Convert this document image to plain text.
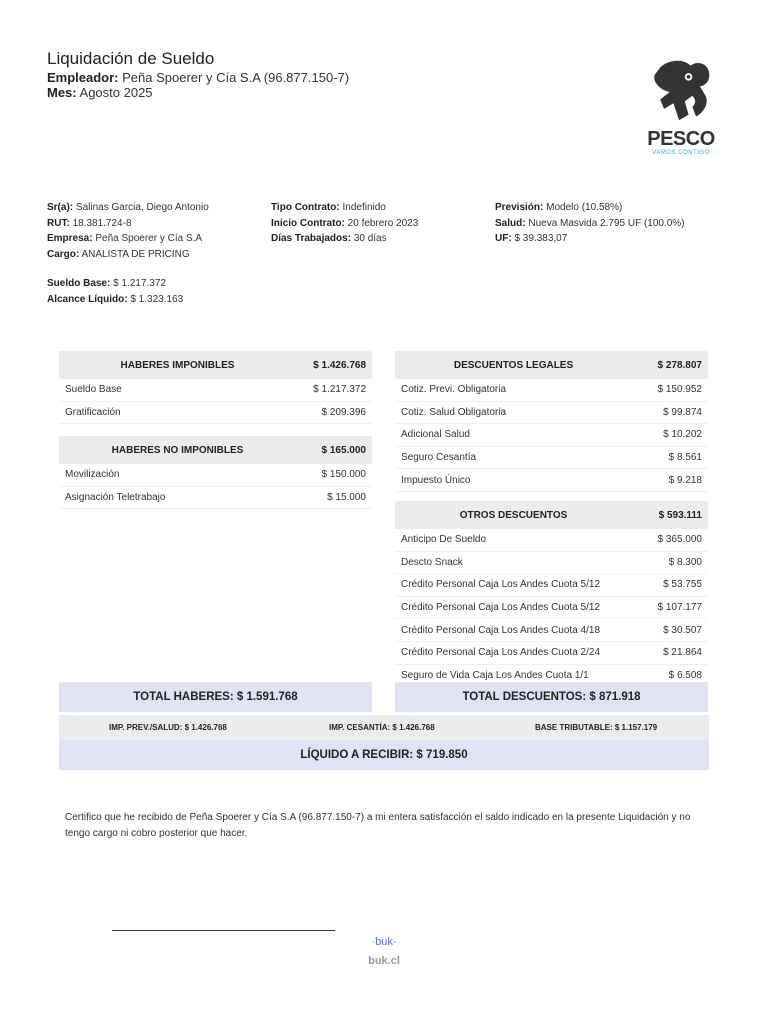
Liquidación de Sueldo
Empleador: Peña Spoerer y Cía S.A (96.877.150-7)
Mes: Agosto 2025
PESCO
VAMOS CONTIGO
Sr(a): Salinas Garcia, Diego Antonio
RUT: 18.381.724-8
Empresa: Peña Spoerer y Cía S.A
Cargo: ANALISTA DE PRICING
Tipo Contrato: Indefinido
Inicio Contrato: 20 febrero 2023
Días Trabajados: 30 días
Previsión: Modelo (10.58%)
Salud: Nueva Masvida 2.795 UF (100.0%)
UF: $ 39.383,07
Sueldo Base: $ 1.217.372
Alcance Líquido: $ 1.323.163
HABERES IMPONIBLES	$ 1.426.768
Sueldo Base	$ 1.217.372
Gratificación	$ 209.396
HABERES NO IMPONIBLES	$ 165.000
Movilización	$ 150.000
Asignación Teletrabajo	$ 15.000
DESCUENTOS LEGALES	$ 278.807
Cotiz. Previ. Obligatoria	$ 150.952
Cotiz. Salud Obligatoria	$ 99.874
Adicional Salud	$ 10.202
Seguro Cesantía	$ 8.561
Impuesto Único	$ 9.218
OTROS DESCUENTOS	$ 593.111
Anticipo De Sueldo	$ 365.000
Descto Snack	$ 8.300
Crédito Personal Caja Los Andes Cuota 5/12	$ 53.755
Crédito Personal Caja Los Andes Cuota 5/12	$ 107.177
Crédito Personal Caja Los Andes Cuota 4/18	$ 30.507
Crédito Personal Caja Los Andes Cuota 2/24	$ 21.864
Seguro de Vida Caja Los Andes Cuota 1/1	$ 6.508
TOTAL HABERES: $ 1.591.768	TOTAL DESCUENTOS: $ 871.918
IMP. PREV./SALUD: $ 1.426.768	IMP. CESANTÍA: $ 1.426.768	BASE TRIBUTABLE: $ 1.157.179
LÍQUIDO A RECIBIR: $ 719.850
Certifico que he recibido de Peña Spoerer y Cía S.A (96.877.150-7) a mi entera satisfacción el saldo indicado en la presente Liquidación y no tengo cargo ni cobro posterior que hacer.
·buk·
buk.cl
